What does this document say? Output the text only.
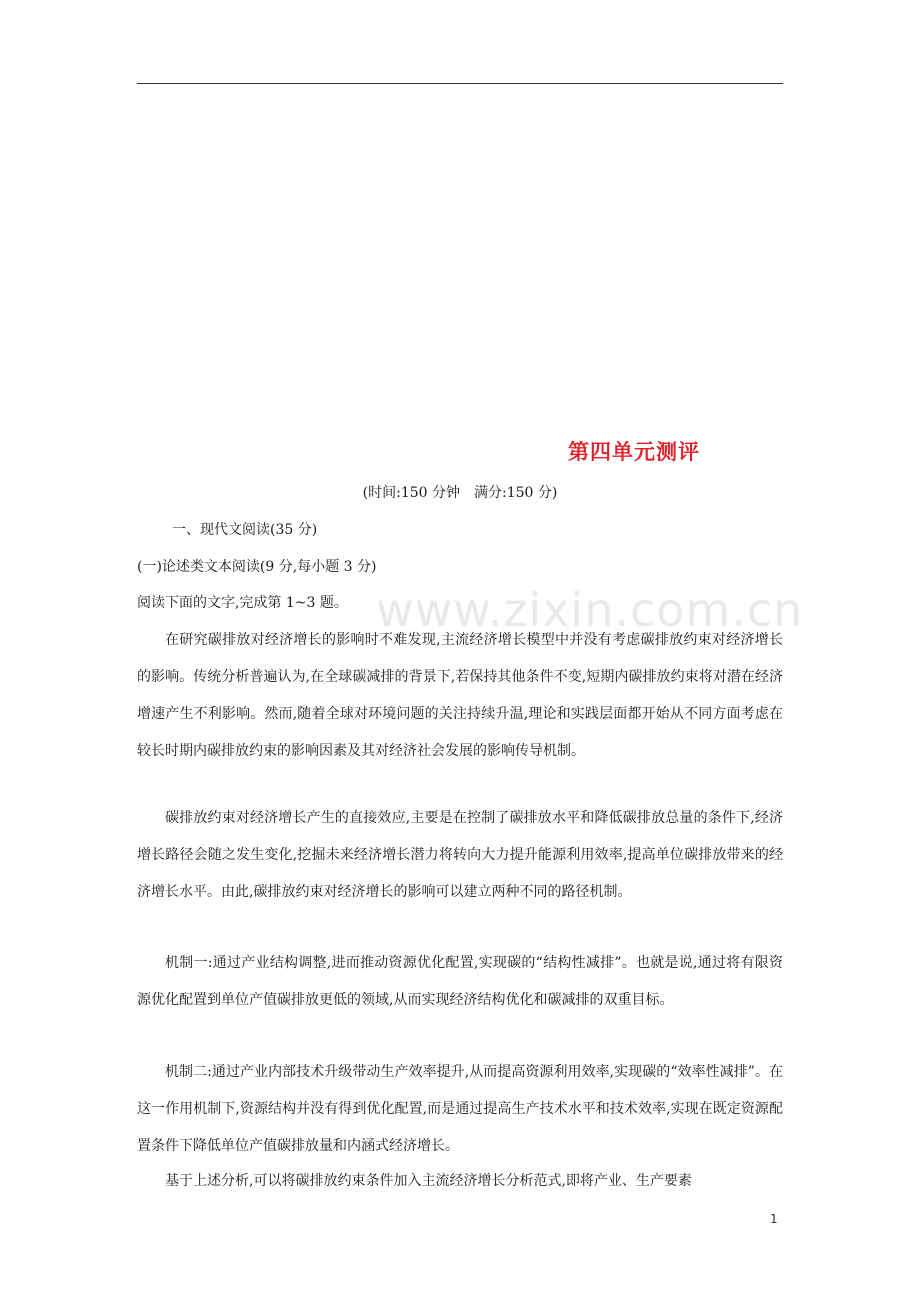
www.zixin.com.cn
第四单元测评
(时间:150 分钟　满分:150 分)
一、现代文阅读(35 分)
(一)论述类文本阅读(9 分,每小题 3 分)
阅读下面的文字,完成第 1~3 题。
在研究碳排放对经济增长的影响时不难发现,主流经济增长模型中并没有考虑碳排放约束对经济增长的影响。传统分析普遍认为,在全球碳减排的背景下,若保持其他条件不变,短期内碳排放约束将对潜在经济增速产生不利影响。然而,随着全球对环境问题的关注持续升温,理论和实践层面都开始从不同方面考虑在较长时期内碳排放约束的影响因素及其对经济社会发展的影响传导机制。
碳排放约束对经济增长产生的直接效应,主要是在控制了碳排放水平和降低碳排放总量的条件下,经济增长路径会随之发生变化,挖掘未来经济增长潜力将转向大力提升能源利用效率,提高单位碳排放带来的经济增长水平。由此,碳排放约束对经济增长的影响可以建立两种不同的路径机制。
机制一:通过产业结构调整,进而推动资源优化配置,实现碳的“结构性减排”。也就是说,通过将有限资源优化配置到单位产值碳排放更低的领域,从而实现经济结构优化和碳减排的双重目标。
机制二:通过产业内部技术升级带动生产效率提升,从而提高资源利用效率,实现碳的“效率性减排”。在这一作用机制下,资源结构并没有得到优化配置,而是通过提高生产技术水平和技术效率,实现在既定资源配置条件下降低单位产值碳排放量和内涵式经济增长。
基于上述分析,可以将碳排放约束条件加入主流经济增长分析范式,即将产业、生产要素
1
